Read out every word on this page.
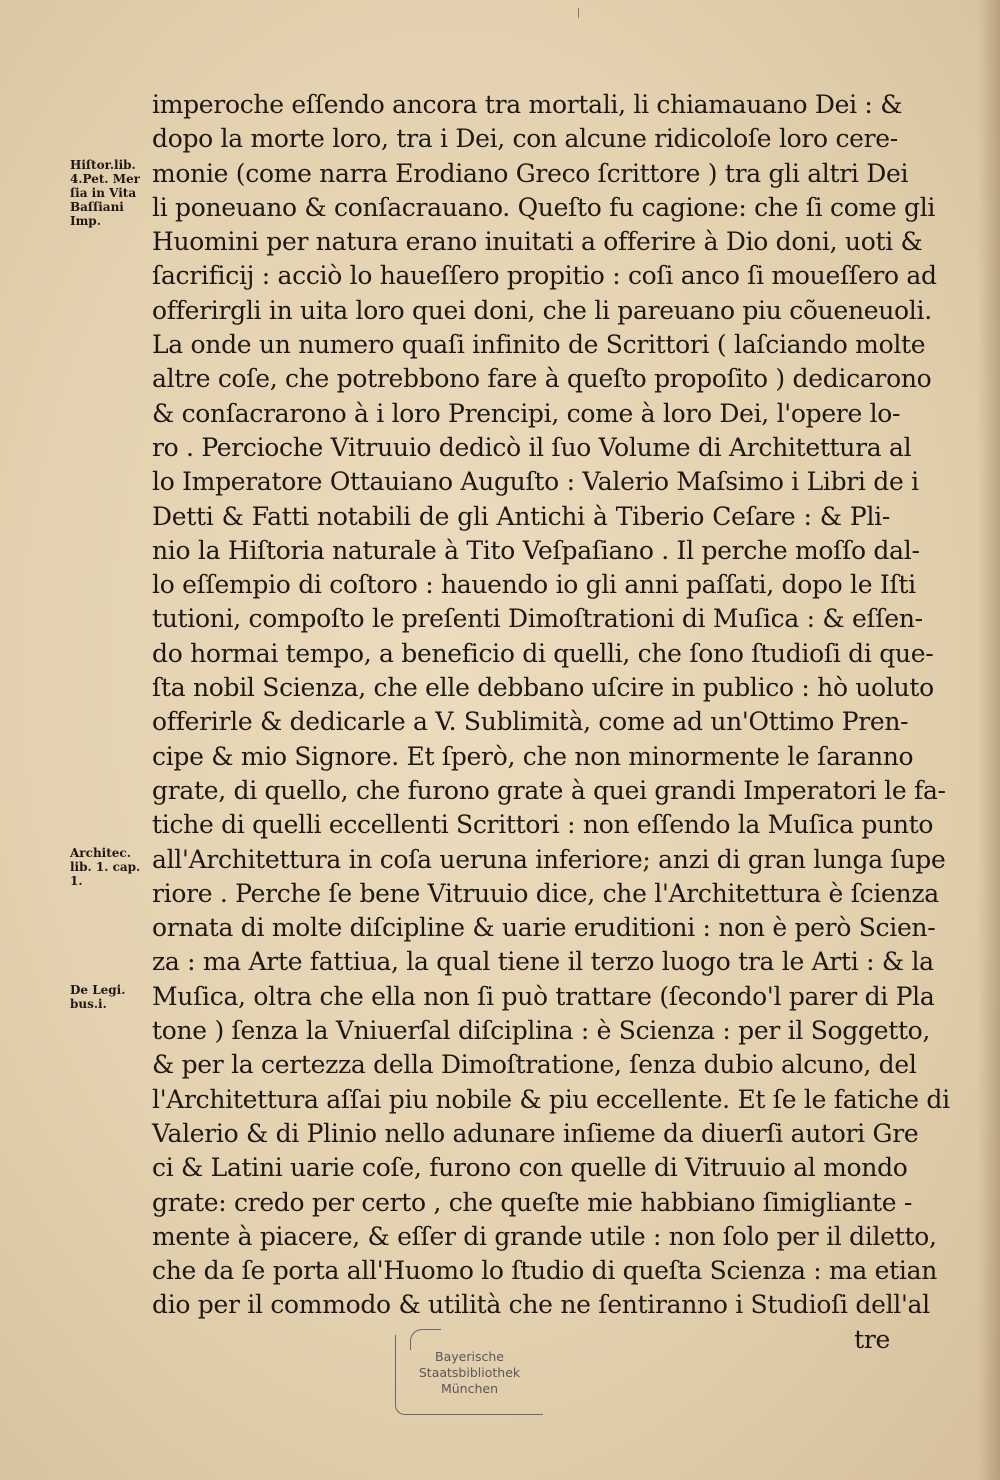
Hiſtor.lib.
4.Pet. Mer
ſia in Vita
Baſſiani
Imp.
Architec.
lib. 1. cap.
1.
De Legi.
bus.i.
imperoche eſſendo ancora tra mortali, li chiamauano Dei : &
dopo la morte loro, tra i Dei, con alcune ridicoloſe loro cere-
monie (come narra Erodiano Greco ſcrittore ) tra gli altri Dei
li poneuano & conſacrauano. Queſto fu cagione: che ſi come gli
Huomini per natura erano inuitati a offerire à Dio doni, uoti &
ſacrificij : acciò lo haueſſero propitio : coſi anco ſi moueſſero ad
offerirgli in uita loro quei doni, che li pareuano piu cõueneuoli.
La onde un numero quaſi infinito de Scrittori ( laſciando molte
altre coſe, che potrebbono fare à queſto propoſito ) dedicarono
& conſacrarono à i loro Prencipi, come à loro Dei, l'opere lo-
ro . Percioche Vitruuio dedicò il ſuo Volume di Architettura al
lo Imperatore Ottauiano Auguſto : Valerio Maſsimo i Libri de i
Detti & Fatti notabili de gli Antichi à Tiberio Ceſare : & Pli-
nio la Hiſtoria naturale à Tito Veſpaſiano . Il perche moſſo dal-
lo eſſempio di coſtoro : hauendo io gli anni paſſati, dopo le Iſti
tutioni, compoſto le preſenti Dimoſtrationi di Muſica : & eſſen-
do hormai tempo, a beneficio di quelli, che ſono ſtudioſi di que-
ſta nobil Scienza, che elle debbano uſcire in publico : hò uoluto
offerirle & dedicarle a V. Sublimità, come ad un'Ottimo Pren-
cipe & mio Signore. Et ſperò, che non minormente le ſaranno
grate, di quello, che furono grate à quei grandi Imperatori le fa-
tiche di quelli eccellenti Scrittori : non eſſendo la Muſica punto
all'Architettura in coſa ueruna inferiore; anzi di gran lunga ſupe
riore . Perche ſe bene Vitruuio dice, che l'Architettura è ſcienza
ornata di molte diſcipline & uarie eruditioni : non è però Scien-
za : ma Arte fattiua, la qual tiene il terzo luogo tra le Arti : & la
Muſica, oltra che ella non ſi può trattare (ſecondo'l parer di Pla
tone ) ſenza la Vniuerſal diſciplina : è Scienza : per il Soggetto,
& per la certezza della Dimoſtratione, ſenza dubio alcuno, del
l'Architettura aſſai piu nobile & piu eccellente. Et ſe le fatiche di
Valerio & di Plinio nello adunare inſieme da diuerſi autori Gre
ci & Latini uarie coſe, furono con quelle di Vitruuio al mondo
grate: credo per certo , che queſte mie habbiano ſimigliante -
mente à piacere, & eſſer di grande utile : non ſolo per il diletto,
che da ſe porta all'Huomo lo ſtudio di queſta Scienza : ma etian
dio per il commodo & utilità che ne ſentiranno i Studioſi dell'al
tre
Bayerische
Staatsbibliothek
München
